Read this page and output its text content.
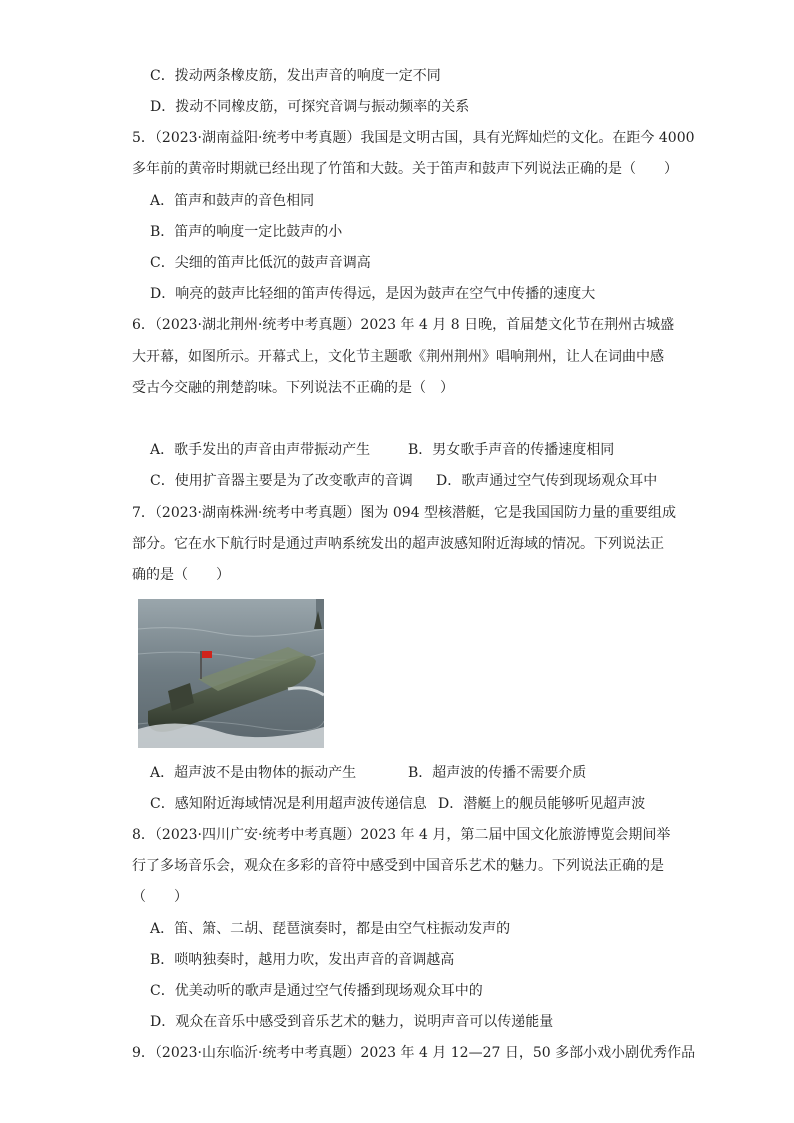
C．拨动两条橡皮筋，发出声音的响度一定不同
D．拨动不同橡皮筋，可探究音调与振动频率的关系
5．（2023·湖南益阳·统考中考真题）我国是文明古国，具有光辉灿烂的文化。在距今 4000
多年前的黄帝时期就已经出现了竹笛和大鼓。关于笛声和鼓声下列说法正确的是（　　）
A．笛声和鼓声的音色相同
B．笛声的响度一定比鼓声的小
C．尖细的笛声比低沉的鼓声音调高
D．响亮的鼓声比轻细的笛声传得远，是因为鼓声在空气中传播的速度大
6．（2023·湖北荆州·统考中考真题）2023 年 4 月 8 日晚，首届楚文化节在荆州古城盛
大开幕，如图所示。开幕式上，文化节主题歌《荆州荆州》唱响荆州，让人在词曲中感
受古今交融的荆楚韵味。下列说法不正确的是（　）
A．歌手发出的声音由声带振动产生	B．男女歌手声音的传播速度相同
C．使用扩音器主要是为了改变歌声的音调 D．歌声通过空气传到现场观众耳中
7．（2023·湖南株洲·统考中考真题）图为 094 型核潜艇，它是我国国防力量的重要组成
部分。它在水下航行时是通过声呐系统发出的超声波感知附近海域的情况。下列说法正
确的是（　　）
A．超声波不是由物体的振动产生	B．超声波的传播不需要介质
C．感知附近海域情况是利用超声波传递信息 D．潜艇上的舰员能够听见超声波
8．（2023·四川广安·统考中考真题）2023 年 4 月，第二届中国文化旅游博览会期间举
行了多场音乐会，观众在多彩的音符中感受到中国音乐艺术的魅力。下列说法正确的是
（　　）
A．笛、箫、二胡、琵琶演奏时，都是由空气柱振动发声的
B．唢呐独奏时，越用力吹，发出声音的音调越高
C．优美动听的歌声是通过空气传播到现场观众耳中的
D．观众在音乐中感受到音乐艺术的魅力，说明声音可以传递能量
9．（2023·山东临沂·统考中考真题）2023 年 4 月 12—27 日，50 多部小戏小剧优秀作品
